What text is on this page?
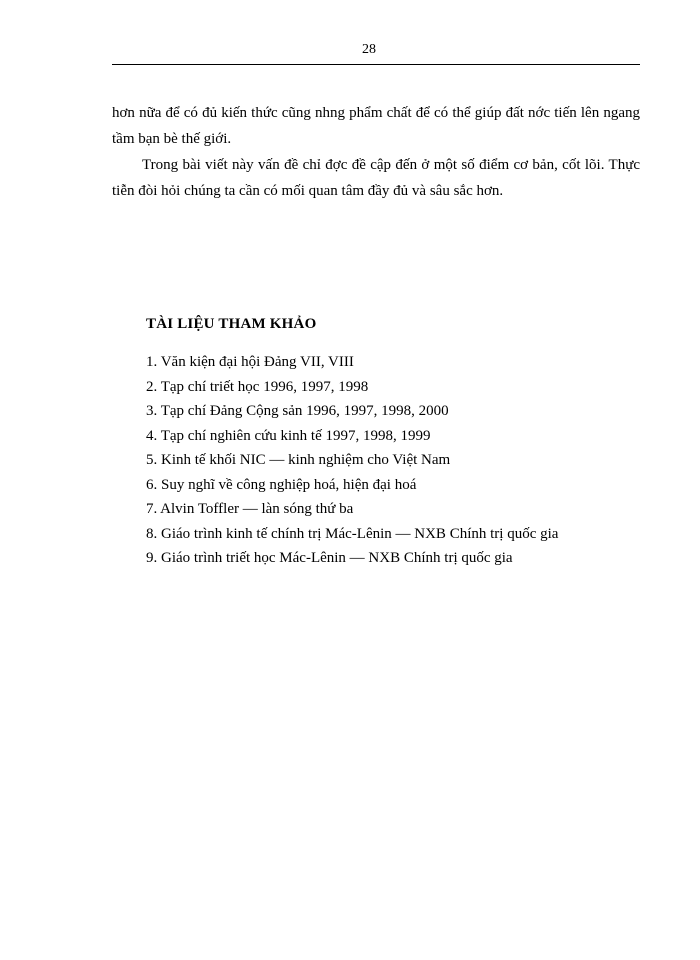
28

hơn nữa để có đủ kiến thức cũng nhng phẩm chất để có thể giúp đất nớc tiến lên ngang tầm bạn bè thế giới.

Trong bài viết này vấn đề chỉ đợc đề cập đến ở một số điểm cơ bản, cốt lõi. Thực tiễn đòi hỏi chúng ta cần có mối quan tâm đầy đủ và sâu sắc hơn.

TÀI LIỆU THAM KHẢO
1. Văn kiện đại hội Đảng VII, VIII
2. Tạp chí triết học 1996, 1997, 1998
3. Tạp chí Đảng Cộng sản 1996, 1997, 1998, 2000
4. Tạp chí nghiên cứu kinh tế 1997, 1998, 1999
5. Kinh tế khối NIC — kinh nghiệm cho Việt Nam
6. Suy nghĩ về công nghiệp hoá, hiện đại hoá
7. Alvin Toffler — làn sóng thứ ba
8. Giáo trình kinh tế chính trị Mác-Lênin — NXB Chính trị quốc gia
9. Giáo trình triết học Mác-Lênin — NXB Chính trị quốc gia
